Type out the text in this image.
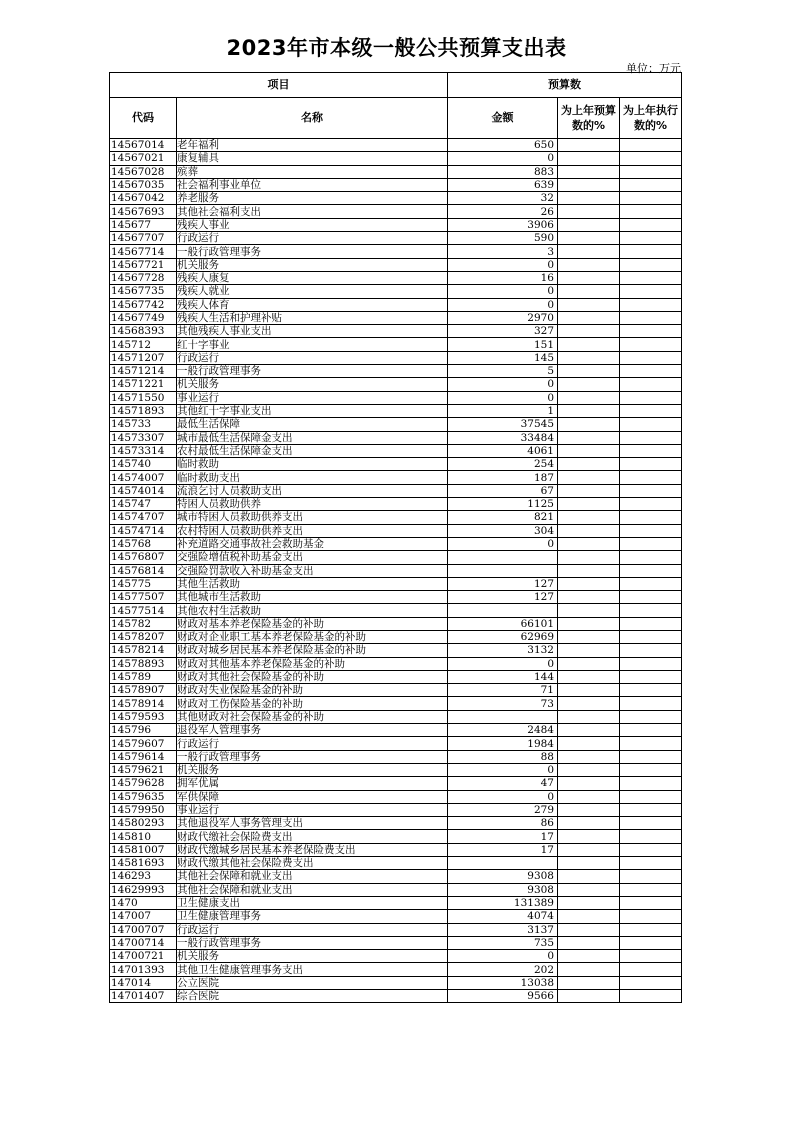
2023年市本级一般公共预算支出表
单位：万元
项目		预算数		
代码	名称	金额	为上年预算数的%	为上年执行数的%
14567014	老年福利	650		
14567021	康复辅具	0		
14567028	殡葬	883		
14567035	社会福利事业单位	639		
14567042	养老服务	32		
14567693	其他社会福利支出	26		
145677	残疾人事业	3906		
14567707	行政运行	590		
14567714	一般行政管理事务	3		
14567721	机关服务	0		
14567728	残疾人康复	16		
14567735	残疾人就业	0		
14567742	残疾人体育	0		
14567749	残疾人生活和护理补贴	2970		
14568393	其他残疾人事业支出	327		
145712	红十字事业	151		
14571207	行政运行	145		
14571214	一般行政管理事务	5		
14571221	机关服务	0		
14571550	事业运行	0		
14571893	其他红十字事业支出	1		
145733	最低生活保障	37545		
14573307	城市最低生活保障金支出	33484		
14573314	农村最低生活保障金支出	4061		
145740	临时救助	254		
14574007	临时救助支出	187		
14574014	流浪乞讨人员救助支出	67		
145747	特困人员救助供养	1125		
14574707	城市特困人员救助供养支出	821		
14574714	农村特困人员救助供养支出	304		
145768	补充道路交通事故社会救助基金	0		
14576807	交强险增值税补助基金支出			
14576814	交强险罚款收入补助基金支出			
145775	其他生活救助	127		
14577507	其他城市生活救助	127		
14577514	其他农村生活救助			
145782	财政对基本养老保险基金的补助	66101		
14578207	财政对企业职工基本养老保险基金的补助	62969		
14578214	财政对城乡居民基本养老保险基金的补助	3132		
14578893	财政对其他基本养老保险基金的补助	0		
145789	财政对其他社会保险基金的补助	144		
14578907	财政对失业保险基金的补助	71		
14578914	财政对工伤保险基金的补助	73		
14579593	其他财政对社会保险基金的补助			
145796	退役军人管理事务	2484		
14579607	行政运行	1984		
14579614	一般行政管理事务	88		
14579621	机关服务	0		
14579628	拥军优属	47		
14579635	军供保障	0		
14579950	事业运行	279		
14580293	其他退役军人事务管理支出	86		
145810	财政代缴社会保险费支出	17		
14581007	财政代缴城乡居民基本养老保险费支出	17		
14581693	财政代缴其他社会保险费支出			
146293	其他社会保障和就业支出	9308		
14629993	其他社会保障和就业支出	9308		
1470	卫生健康支出	131389		
147007	卫生健康管理事务	4074		
14700707	行政运行	3137		
14700714	一般行政管理事务	735		
14700721	机关服务	0		
14701393	其他卫生健康管理事务支出	202		
147014	公立医院	13038		
14701407	综合医院	9566		
